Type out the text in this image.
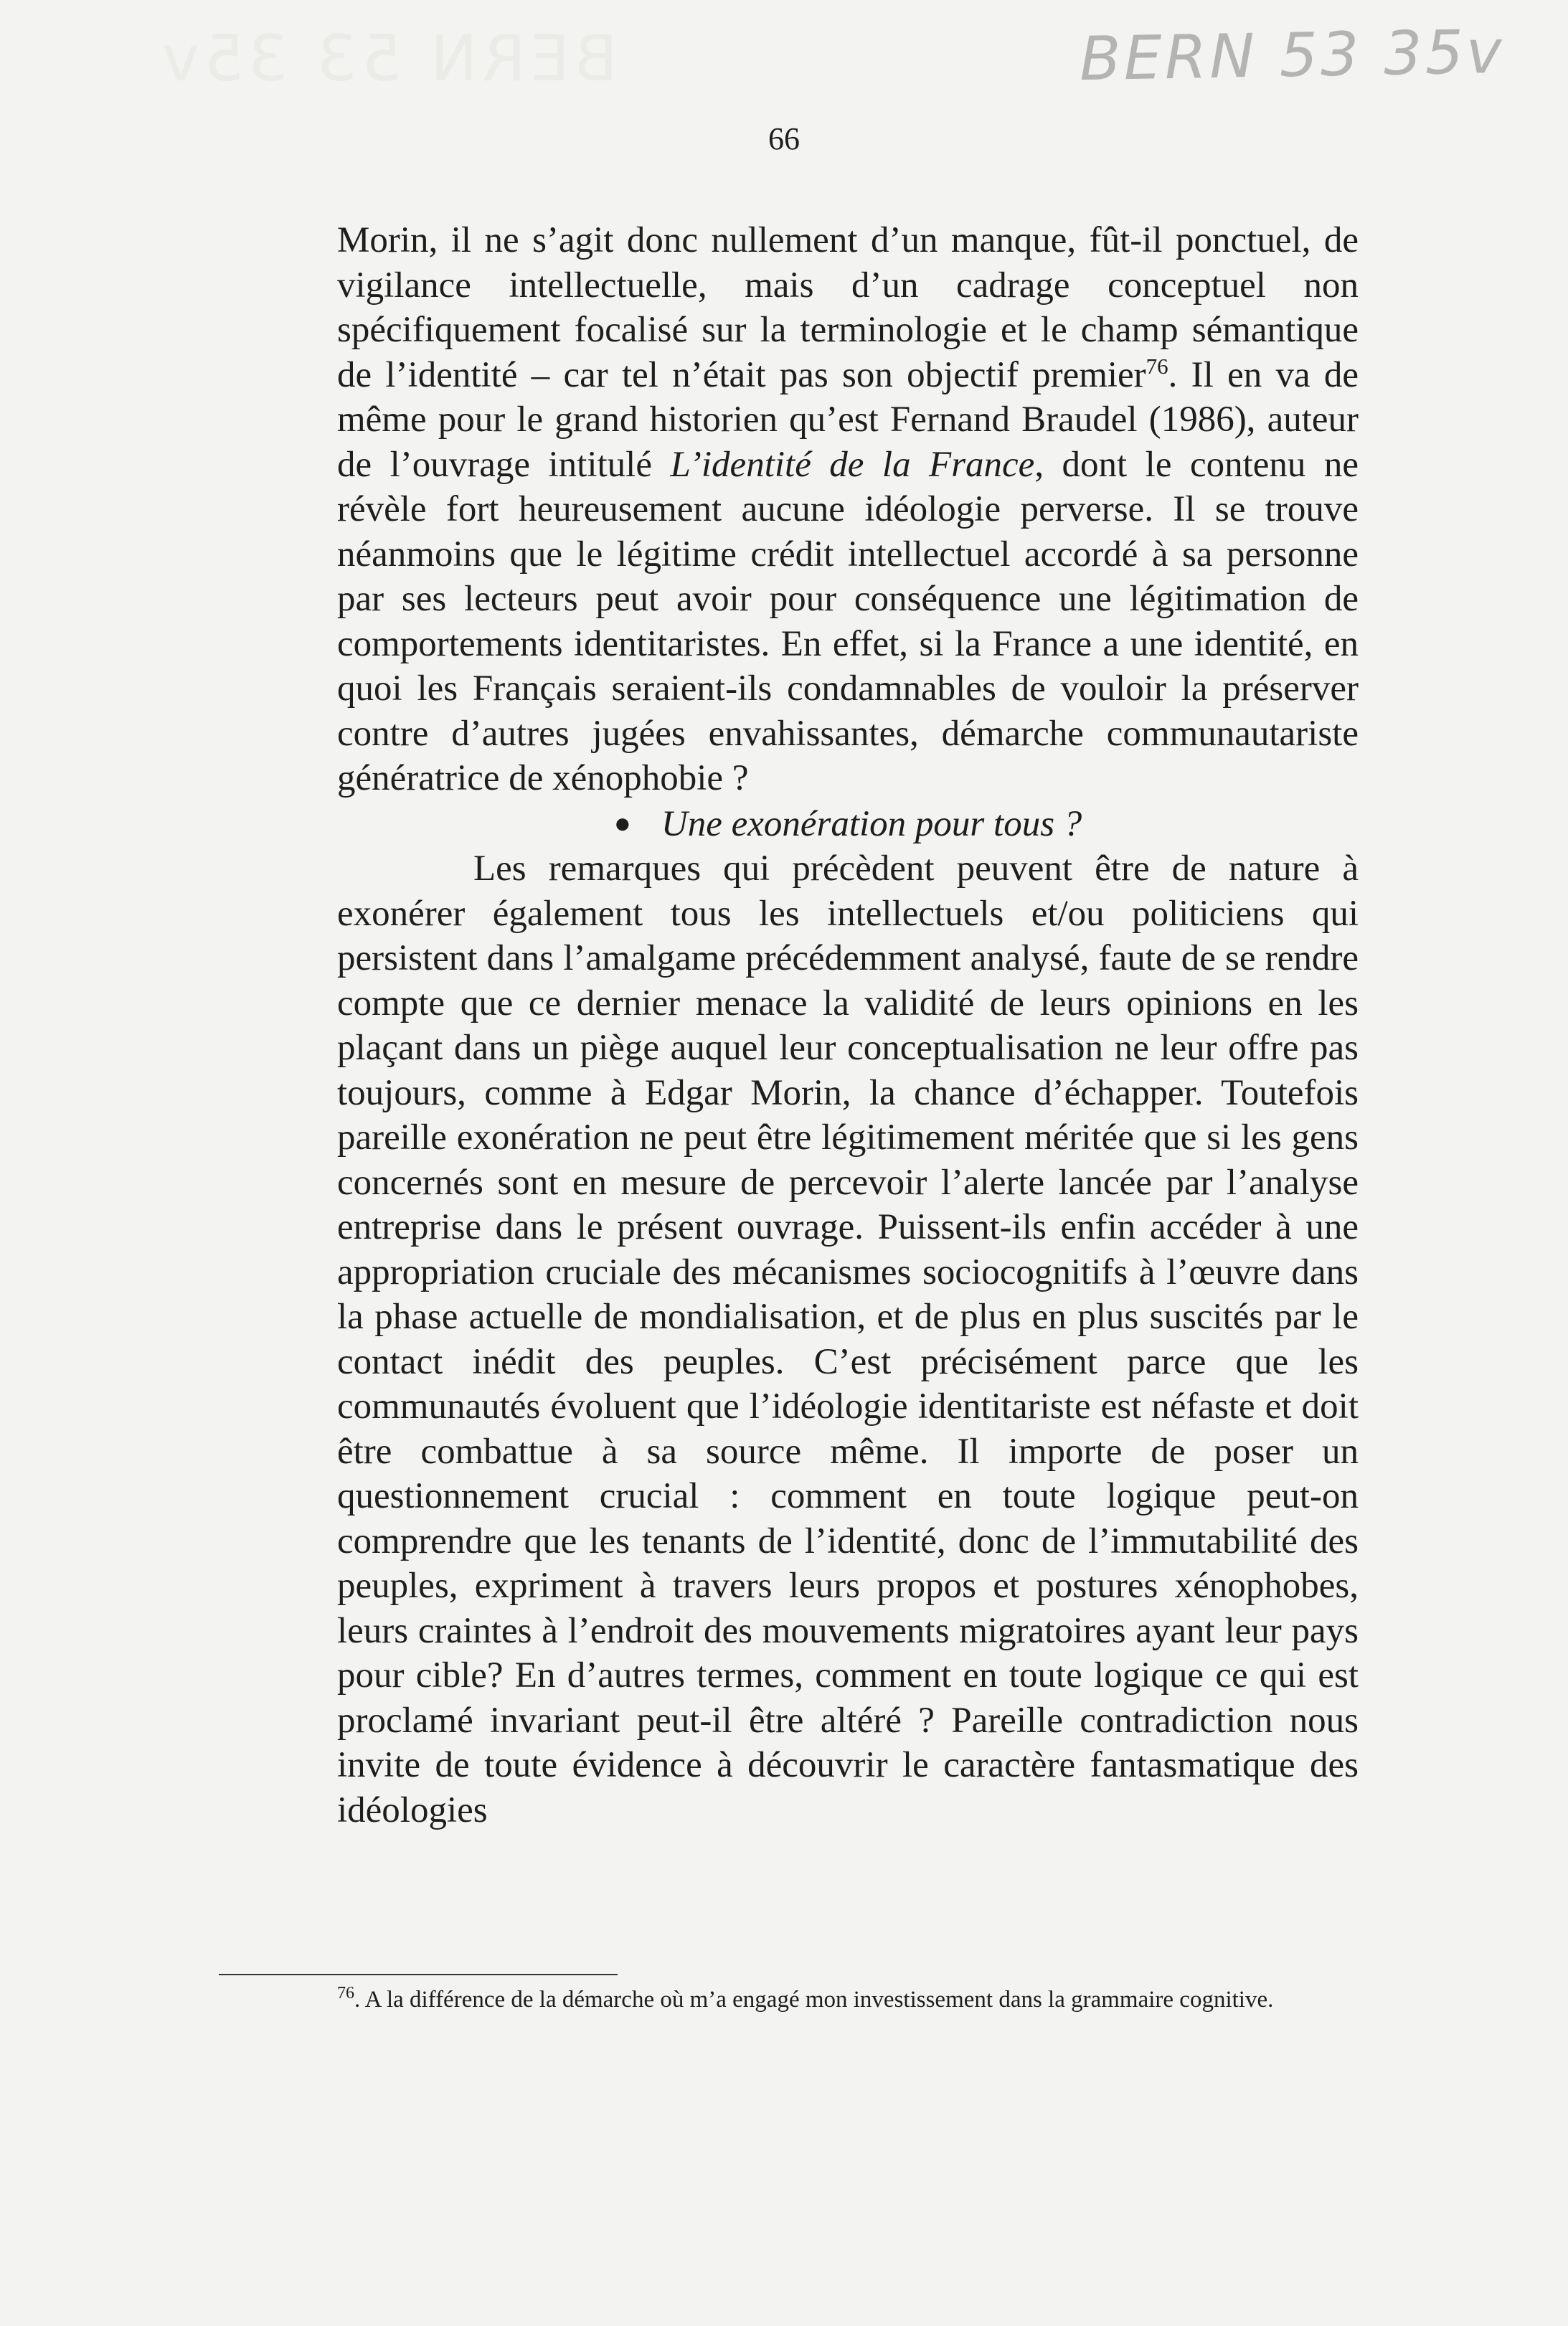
BERN 53 35v	BERN 53 35v
66

Morin, il ne s’agit donc nullement d’un manque, fût-il ponctuel, de vigilance intellectuelle, mais d’un cadrage conceptuel non spécifiquement focalisé sur la terminologie et le champ sémantique de l’identité – car tel n’était pas son objectif premier$^{76}$. Il en va de même pour le grand historien qu’est Fernand Braudel (1986), auteur de l’ouvrage intitulé L’identité de la France, dont le contenu ne révèle fort heureusement aucune idéologie perverse. Il se trouve néanmoins que le légitime crédit intellectuel accordé à sa personne par ses lecteurs peut avoir pour conséquence une légitimation de comportements identitaristes. En effet, si la France a une identité, en quoi les Français seraient-ils condamnables de vouloir la préserver contre d’autres jugées envahissantes, démarche communautariste génératrice de xénophobie ?

● Une exonération pour tous ?

Les remarques qui précèdent peuvent être de nature à exonérer également tous les intellectuels et/ou politiciens qui persistent dans l’amalgame précédemment analysé, faute de se rendre compte que ce dernier menace la validité de leurs opinions en les plaçant dans un piège auquel leur conceptualisation ne leur offre pas toujours, comme à Edgar Morin, la chance d’échapper. Toutefois pareille exonération ne peut être légitimement méritée que si les gens concernés sont en mesure de percevoir l’alerte lancée par l’analyse entreprise dans le présent ouvrage. Puissent-ils enfin accéder à une appropriation cruciale des mécanismes sociocognitifs à l’œuvre dans la phase actuelle de mondialisation, et de plus en plus suscités par le contact inédit des peuples. C’est précisément parce que les communautés évoluent que l’idéologie identitariste est néfaste et doit être combattue à sa source même. Il importe de poser un questionnement crucial : comment en toute logique peut-on comprendre que les tenants de l’identité, donc de l’immutabilité des peuples, expriment à travers leurs propos et postures xénophobes, leurs craintes à l’endroit des mouvements migratoires ayant leur pays pour cible? En d’autres termes, comment en toute logique ce qui est proclamé invariant peut-il être altéré ? Pareille contradiction nous invite de toute évidence à découvrir le caractère fantasmatique des idéologies

$^{76}$. A la différence de la démarche où m’a engagé mon investissement dans la grammaire cognitive.
